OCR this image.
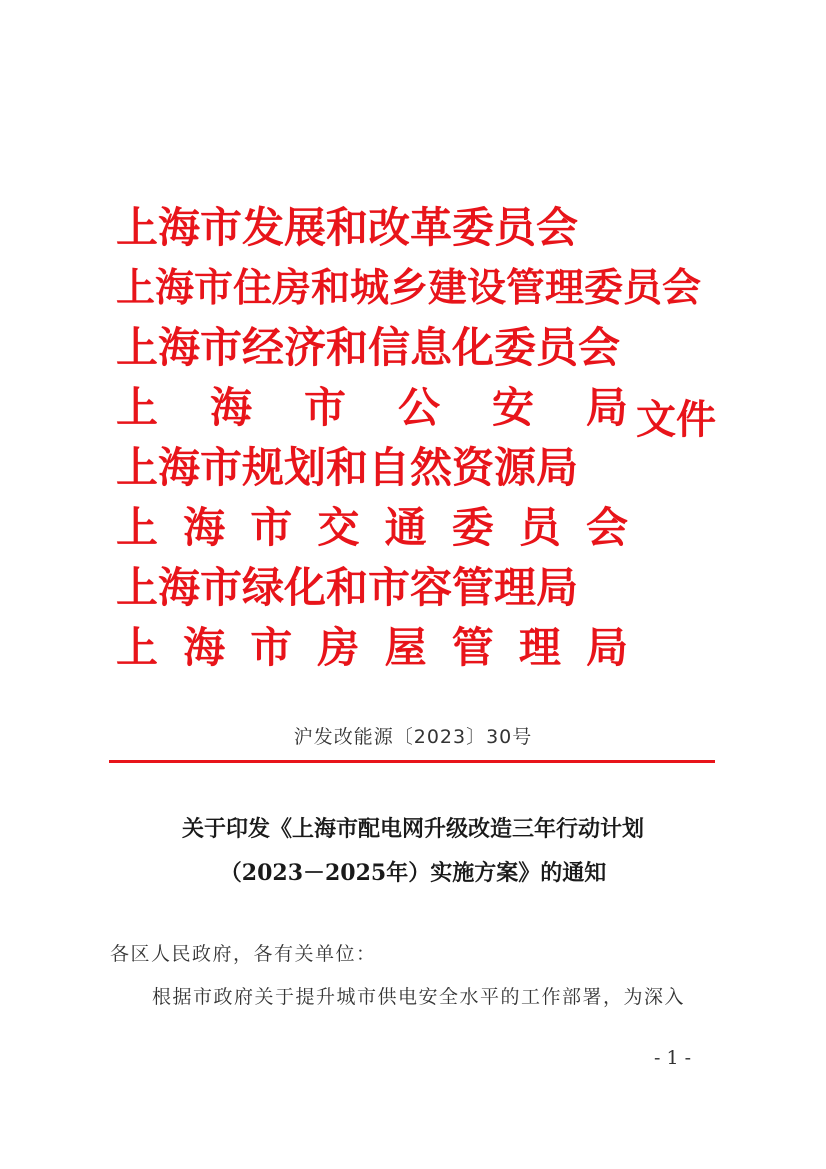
上海市发展和改革委员会
上海市住房和城乡建设管理委员会
上海市经济和信息化委员会
上 海 市 公 安 局
上海市规划和自然资源局
上 海 市 交 通 委 员 会
上海市绿化和市容管理局
上 海 市 房 屋 管 理 局
文件
沪发改能源〔2023〕30号
关于印发《上海市配电网升级改造三年行动计划
（2023－2025年）实施方案》的通知
各区人民政府，各有关单位：
根据市政府关于提升城市供电安全水平的工作部署，为深入
- 1 -
